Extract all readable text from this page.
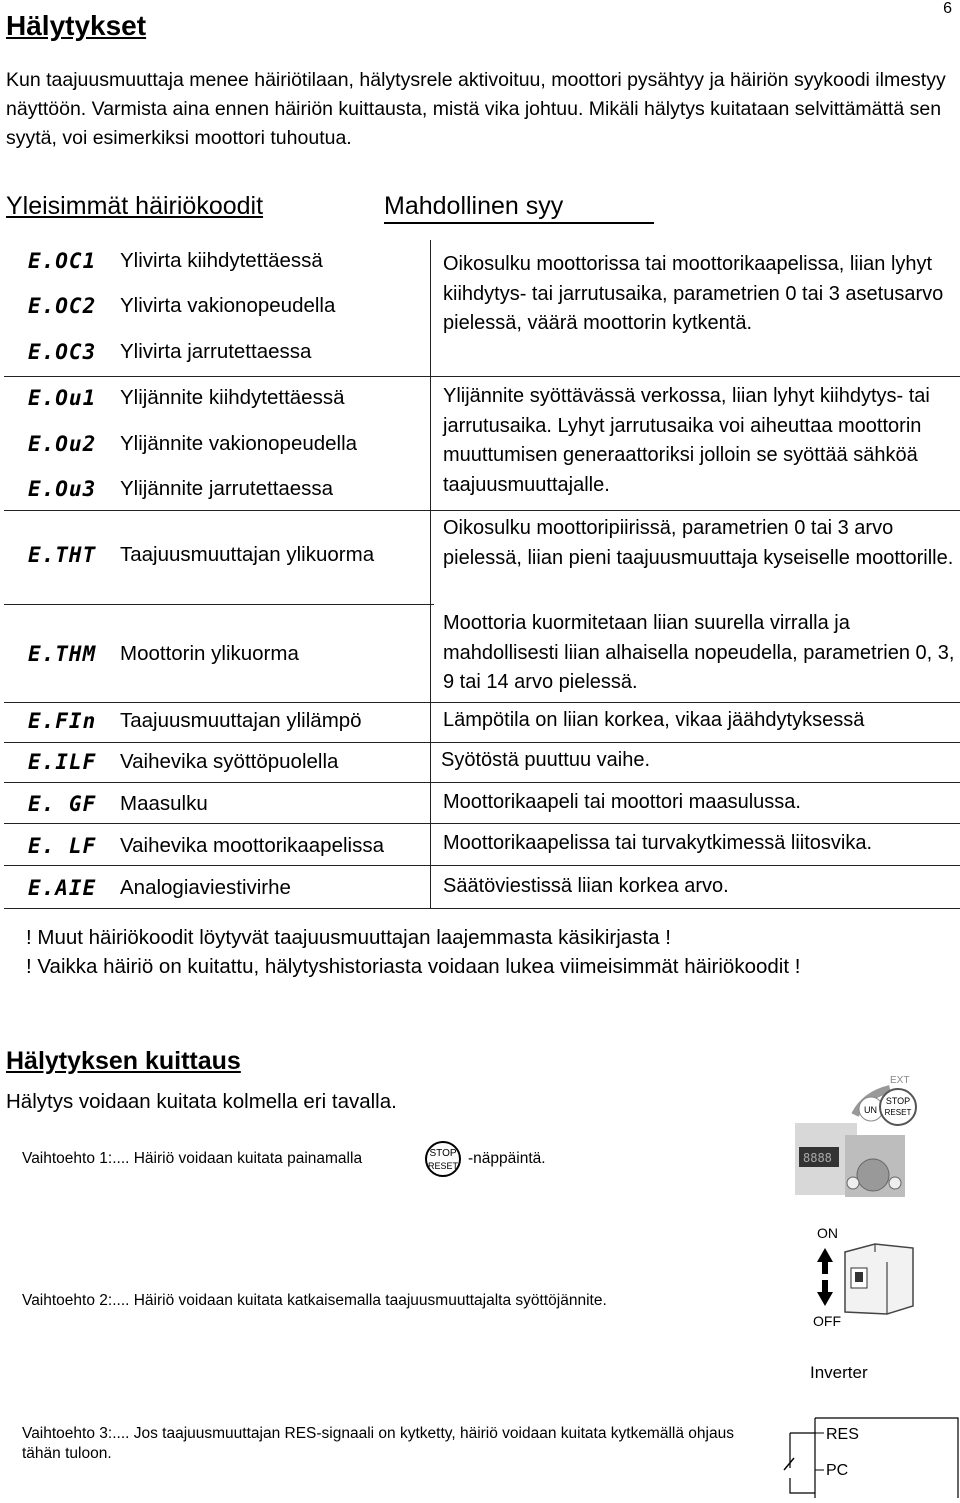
Hälytykset
6
Kun taajuusmuuttaja menee häiriötilaan, hälytysrele aktivoituu, moottori pysähtyy ja häiriön syykoodi ilmestyy näyttöön. Varmista aina ennen häiriön kuittausta, mistä vika johtuu. Mikäli hälytys kuitataan selvittämättä sen syytä, voi esimerkiksi moottori tuhoutua.
Yleisimmät häiriökoodit	Mahdollinen syy
E.OC1 Ylivirta kiihdytettäessä
E.OC2 Ylivirta vakionopeudella
E.OC3 Ylivirta jarrutettaessa
E.Ou1 Ylijännite kiihdytettäessä
E.Ou2 Ylijännite vakionopeudella
E.Ou3 Ylijännite jarrutettaessa
E.THT Taajuusmuuttajan ylikuorma
E.THM Moottorin ylikuorma
E.FIn Taajuusmuuttajan ylilämpö
E.ILF Vaihevika syöttöpuolella
E. GF Maasulku
E. LF Vaihevika moottorikaapelissa
E.AIE Analogiaviestivirhe
Oikosulku moottorissa tai moottorikaapelissa, liian lyhyt kiihdytys- tai jarrutusaika, parametrien 0 tai 3 asetusarvo pielessä, väärä moottorin kytkentä.
Ylijännite syöttävässä verkossa, liian lyhyt kiihdytys- tai jarrutusaika. Lyhyt jarrutusaika voi aiheuttaa moottorin muuttumisen generaattoriksi jolloin se syöttää sähköä taajuusmuuttajalle.
Oikosulku moottoripiirissä, parametrien 0 tai 3 arvo pielessä, liian pieni taajuusmuuttaja kyseiselle moottorille.
Moottoria kuormitetaan liian suurella virralla ja mahdollisesti liian alhaisella nopeudella, parametrien 0, 3, 9 tai 14 arvo pielessä.
Lämpötila on liian korkea, vikaa jäähdytyksessä
Syötöstä puuttuu vaihe.
Moottorikaapeli tai moottori maasulussa.
Moottorikaapelissa tai turvakytkimessä liitosvika.
Säätöviestissä liian korkea arvo.
! Muut häiriökoodit löytyvät taajuusmuuttajan laajemmasta käsikirjasta !
! Vaikka häiriö on kuitattu, hälytyshistoriasta voidaan lukea viimeisimmät häiriökoodit !
Hälytyksen kuittaus
Hälytys voidaan kuitata kolmella eri tavalla.
Vaihtoehto 1:.... Häiriö voidaan kuitata painamalla	STOP
RESET -näppäintä.
Vaihtoehto 2:.... Häiriö voidaan kuitata katkaisemalla taajuusmuuttajalta syöttöjännite.
Vaihtoehto 3:.... Jos taajuusmuuttajan RES-signaali on kytketty, häiriö voidaan kuitata kytkemällä ohjaus tähän tuloon.
8888
EXT
UN
STOP
RESET
ON
OFF
Inverter
RES
PC
